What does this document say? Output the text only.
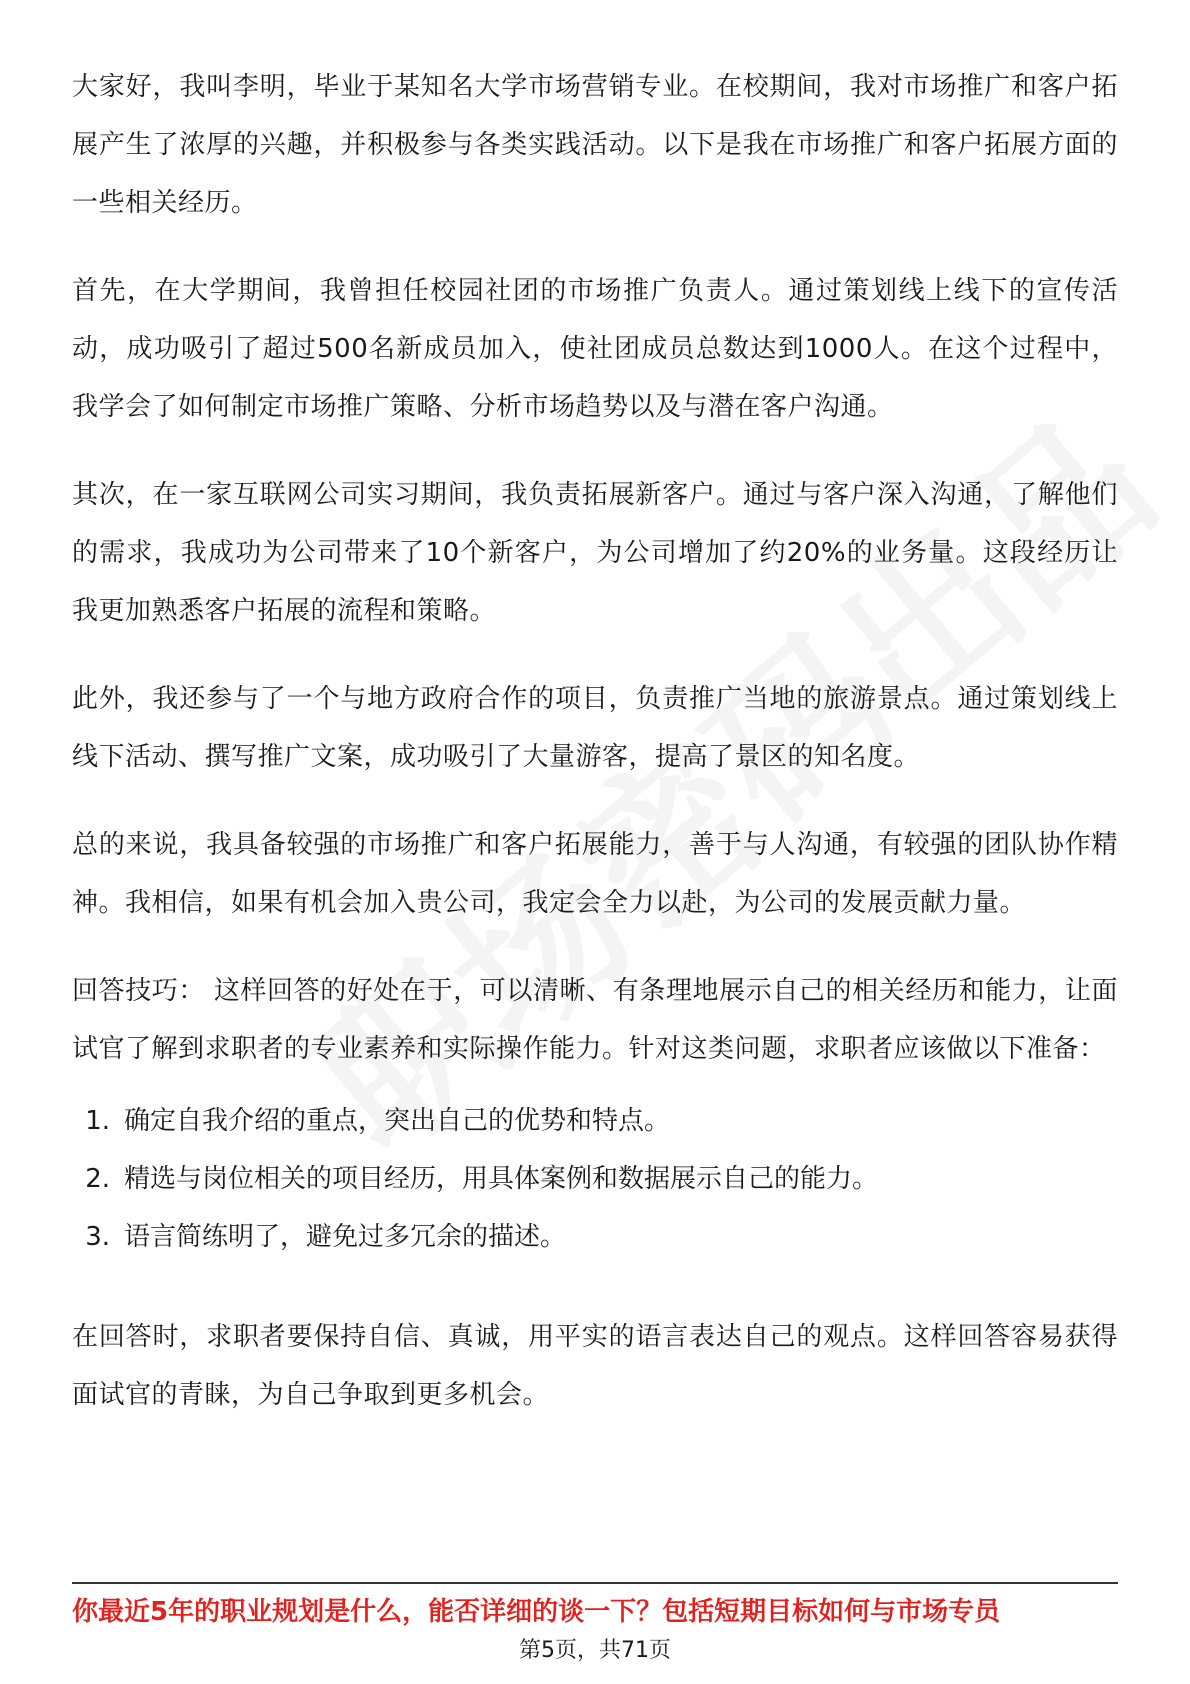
大家好，我叫李明，毕业于某知名大学市场营销专业。在校期间，我对市场推广和客户拓展产生了浓厚的兴趣，并积极参与各类实践活动。以下是我在市场推广和客户拓展方面的一些相关经历。

首先，在大学期间，我曾担任校园社团的市场推广负责人。通过策划线上线下的宣传活动，成功吸引了超过500名新成员加入，使社团成员总数达到1000人。在这个过程中，我学会了如何制定市场推广策略、分析市场趋势以及与潜在客户沟通。

其次，在一家互联网公司实习期间，我负责拓展新客户。通过与客户深入沟通，了解他们的需求，我成功为公司带来了10个新客户，为公司增加了约20%的业务量。这段经历让我更加熟悉客户拓展的流程和策略。

此外，我还参与了一个与地方政府合作的项目，负责推广当地的旅游景点。通过策划线上线下活动、撰写推广文案，成功吸引了大量游客，提高了景区的知名度。

总的来说，我具备较强的市场推广和客户拓展能力，善于与人沟通，有较强的团队协作精神。我相信，如果有机会加入贵公司，我定会全力以赴，为公司的发展贡献力量。

回答技巧： 这样回答的好处在于，可以清晰、有条理地展示自己的相关经历和能力，让面试官了解到求职者的专业素养和实际操作能力。针对这类问题，求职者应该做以下准备：

1. 确定自我介绍的重点，突出自己的优势和特点。
2. 精选与岗位相关的项目经历，用具体案例和数据展示自己的能力。
3. 语言简练明了，避免过多冗余的描述。

在回答时，求职者要保持自信、真诚，用平实的语言表达自己的观点。这样回答容易获得面试官的青睐，为自己争取到更多机会。

你最近5年的职业规划是什么，能否详细的谈一下？包括短期目标如何与市场专员
第5页，共71页
